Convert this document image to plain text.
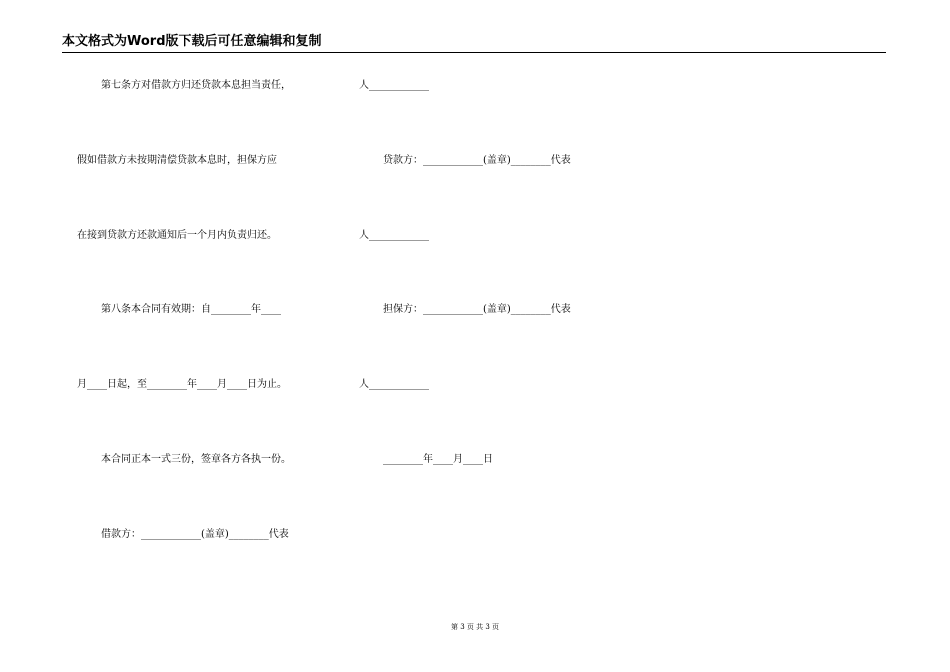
本文格式为Word版下载后可任意编辑和复制
第七条方对借款方归还贷款本息担当责任，
假如借款方未按期清偿贷款本息时，担保方应
在接到贷款方还款通知后一个月内负责归还。
第八条本合同有效期：自________年____
月____日起，至________年____月____日为止。
本合同正本一式三份，签章各方各执一份。
借款方：____________(盖章)________代表
人____________
贷款方：____________(盖章)________代表
人____________
担保方：____________(盖章)________代表
人____________
________年____月____日
第 3 页 共 3 页
